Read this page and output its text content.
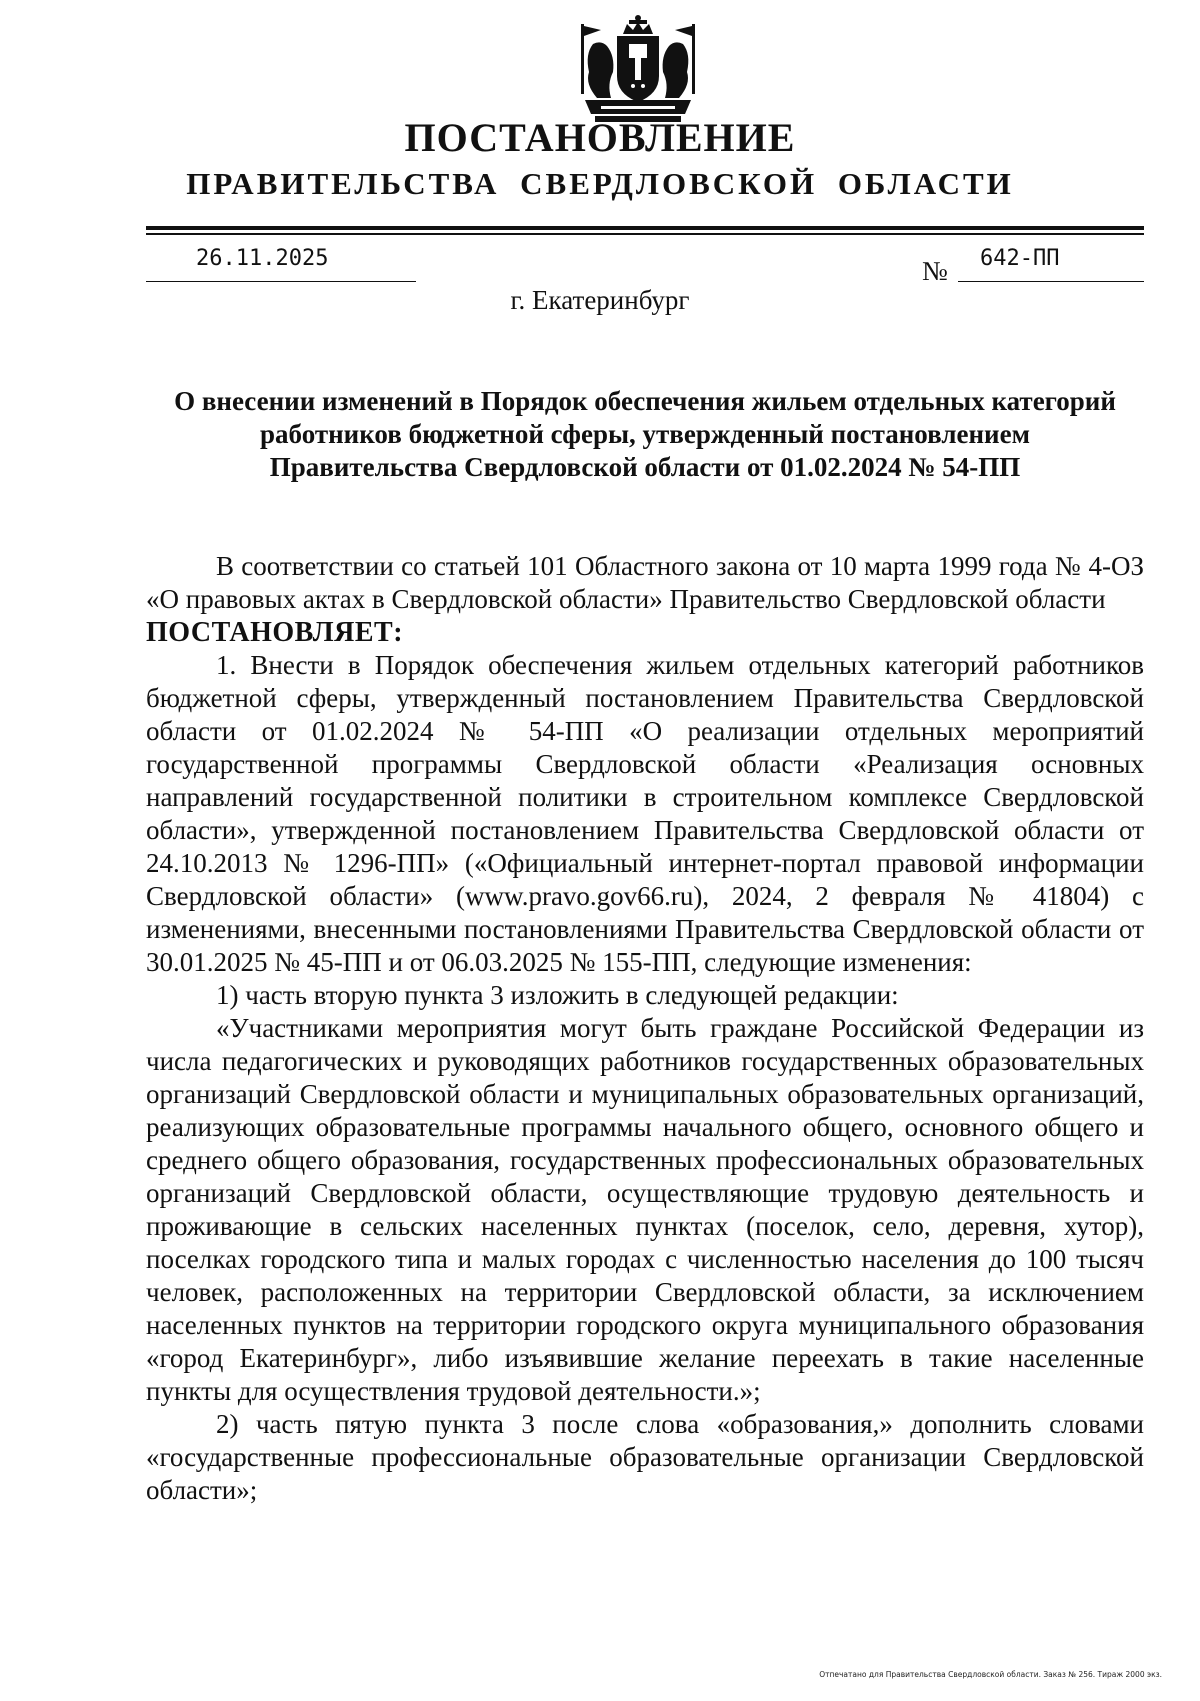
ПОСТАНОВЛЕНИЕ
ПРАВИТЕЛЬСТВА СВЕРДЛОВСКОЙ ОБЛАСТИ
26.11.2025	№ 642-ПП
г. Екатеринбург
О внесении изменений в Порядок обеспечения жильем отдельных категорий
работников бюджетной сферы, утвержденный постановлением
Правительства Свердловской области от 01.02.2024 № 54-ПП

В соответствии со статьей 101 Областного закона от 10 марта 1999 года № 4-ОЗ «О правовых актах в Свердловской области» Правительство Свердловской области

ПОСТАНОВЛЯЕТ:

1. Внести в Порядок обеспечения жильем отдельных категорий работников бюджетной сферы, утвержденный постановлением Правительства Свердловской области от 01.02.2024 № 54-ПП «О реализации отдельных мероприятий государственной программы Свердловской области «Реализация основных направлений государственной политики в строительном комплексе Свердловской области», утвержденной постановлением Правительства Свердловской области от 24.10.2013 № 1296-ПП» («Официальный интернет-портал правовой информации Свердловской области» (www.pravo.gov66.ru), 2024, 2 февраля № 41804) с изменениями, внесенными постановлениями Правительства Свердловской области от 30.01.2025 № 45-ПП и от 06.03.2025 № 155-ПП, следующие изменения:

1) часть вторую пункта 3 изложить в следующей редакции:

«Участниками мероприятия могут быть граждане Российской Федерации из числа педагогических и руководящих работников государственных образовательных организаций Свердловской области и муниципальных образовательных организаций, реализующих образовательные программы начального общего, основного общего и среднего общего образования, государственных профессиональных образовательных организаций Свердловской области, осуществляющие трудовую деятельность и проживающие в сельских населенных пунктах (поселок, село, деревня, хутор), поселках городского типа и малых городах с численностью населения до 100 тысяч человек, расположенных на территории Свердловской области, за исключением населенных пунктов на территории городского округа муниципального образования «город Екатеринбург», либо изъявившие желание переехать в такие населенные пункты для осуществления трудовой деятельности.»;

2) часть пятую пункта 3 после слова «образования,» дополнить словами «государственные профессиональные образовательные организации Свердловской области»;

Отпечатано для Правительства Свердловской области. Заказ № 256. Тираж 2000 экз.
